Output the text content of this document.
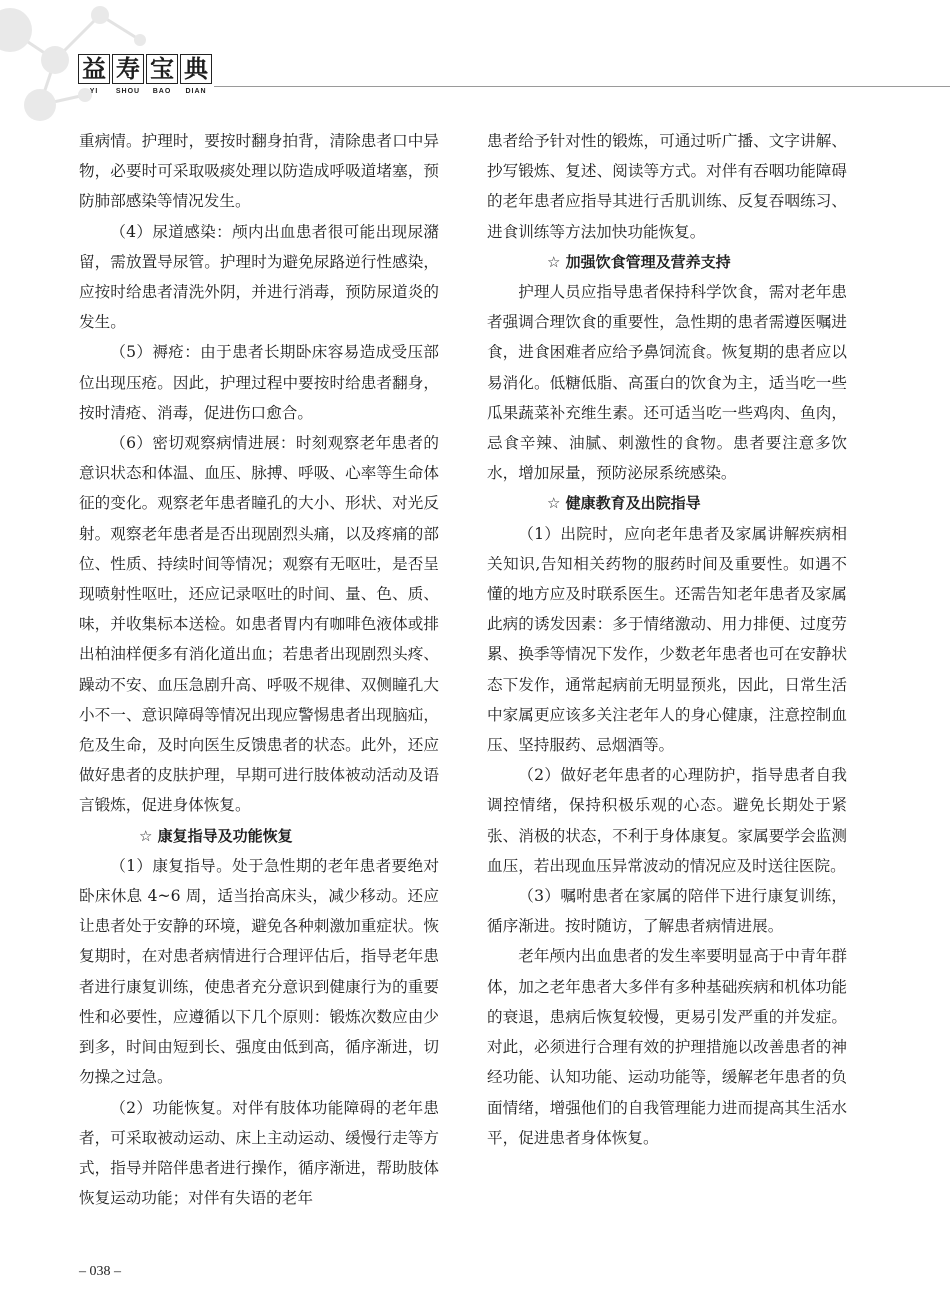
益 寿 宝 典
YI	SHOU	BAO	DIAN

重病情。护理时，要按时翻身拍背，清除患者口中异物，必要时可采取吸痰处理以防造成呼吸道堵塞，预防肺部感染等情况发生。

（4）尿道感染：颅内出血患者很可能出现尿潴留，需放置导尿管。护理时为避免尿路逆行性感染，应按时给患者清洗外阴，并进行消毒，预防尿道炎的发生。

（5）褥疮：由于患者长期卧床容易造成受压部位出现压疮。因此，护理过程中要按时给患者翻身，按时清疮、消毒，促进伤口愈合。

（6）密切观察病情进展：时刻观察老年患者的意识状态和体温、血压、脉搏、呼吸、心率等生命体征的变化。观察老年患者瞳孔的大小、形状、对光反射。观察老年患者是否出现剧烈头痛，以及疼痛的部位、性质、持续时间等情况；观察有无呕吐，是否呈现喷射性呕吐，还应记录呕吐的时间、量、色、质、味，并收集标本送检。如患者胃内有咖啡色液体或排出柏油样便多有消化道出血；若患者出现剧烈头疼、躁动不安、血压急剧升高、呼吸不规律、双侧瞳孔大小不一、意识障碍等情况出现应警惕患者出现脑疝，危及生命，及时向医生反馈患者的状态。此外，还应做好患者的皮肤护理，早期可进行肢体被动活动及语言锻炼，促进身体恢复。

☆ 康复指导及功能恢复

（1）康复指导。处于急性期的老年患者要绝对卧床休息 4~6 周，适当抬高床头，减少移动。还应让患者处于安静的环境，避免各种刺激加重症状。恢复期时，在对患者病情进行合理评估后，指导老年患者进行康复训练，使患者充分意识到健康行为的重要性和必要性，应遵循以下几个原则：锻炼次数应由少到多，时间由短到长、强度由低到高，循序渐进，切勿操之过急。

（2）功能恢复。对伴有肢体功能障碍的老年患者，可采取被动运动、床上主动运动、缓慢行走等方式，指导并陪伴患者进行操作，循序渐进，帮助肢体恢复运动功能；对伴有失语的老年

患者给予针对性的锻炼，可通过听广播、文字讲解、抄写锻炼、复述、阅读等方式。对伴有吞咽功能障碍的老年患者应指导其进行舌肌训练、反复吞咽练习、进食训练等方法加快功能恢复。

☆ 加强饮食管理及营养支持

护理人员应指导患者保持科学饮食，需对老年患者强调合理饮食的重要性，急性期的患者需遵医嘱进食，进食困难者应给予鼻饲流食。恢复期的患者应以易消化。低糖低脂、高蛋白的饮食为主，适当吃一些瓜果蔬菜补充维生素。还可适当吃一些鸡肉、鱼肉，忌食辛辣、油腻、刺激性的食物。患者要注意多饮水，增加尿量，预防泌尿系统感染。

☆ 健康教育及出院指导

（1）出院时，应向老年患者及家属讲解疾病相关知识,告知相关药物的服药时间及重要性。如遇不懂的地方应及时联系医生。还需告知老年患者及家属此病的诱发因素：多于情绪激动、用力排便、过度劳累、换季等情况下发作，少数老年患者也可在安静状态下发作，通常起病前无明显预兆，因此，日常生活中家属更应该多关注老年人的身心健康，注意控制血压、坚持服药、忌烟酒等。

（2）做好老年患者的心理防护，指导患者自我调控情绪，保持积极乐观的心态。避免长期处于紧张、消极的状态，不利于身体康复。家属要学会监测血压，若出现血压异常波动的情况应及时送往医院。

（3）嘱咐患者在家属的陪伴下进行康复训练，循序渐进。按时随访，了解患者病情进展。

老年颅内出血患者的发生率要明显高于中青年群体，加之老年患者大多伴有多种基础疾病和机体功能的衰退，患病后恢复较慢，更易引发严重的并发症。对此，必须进行合理有效的护理措施以改善患者的神经功能、认知功能、运动功能等，缓解老年患者的负面情绪，增强他们的自我管理能力进而提高其生活水平，促进患者身体恢复。

– 038 –
